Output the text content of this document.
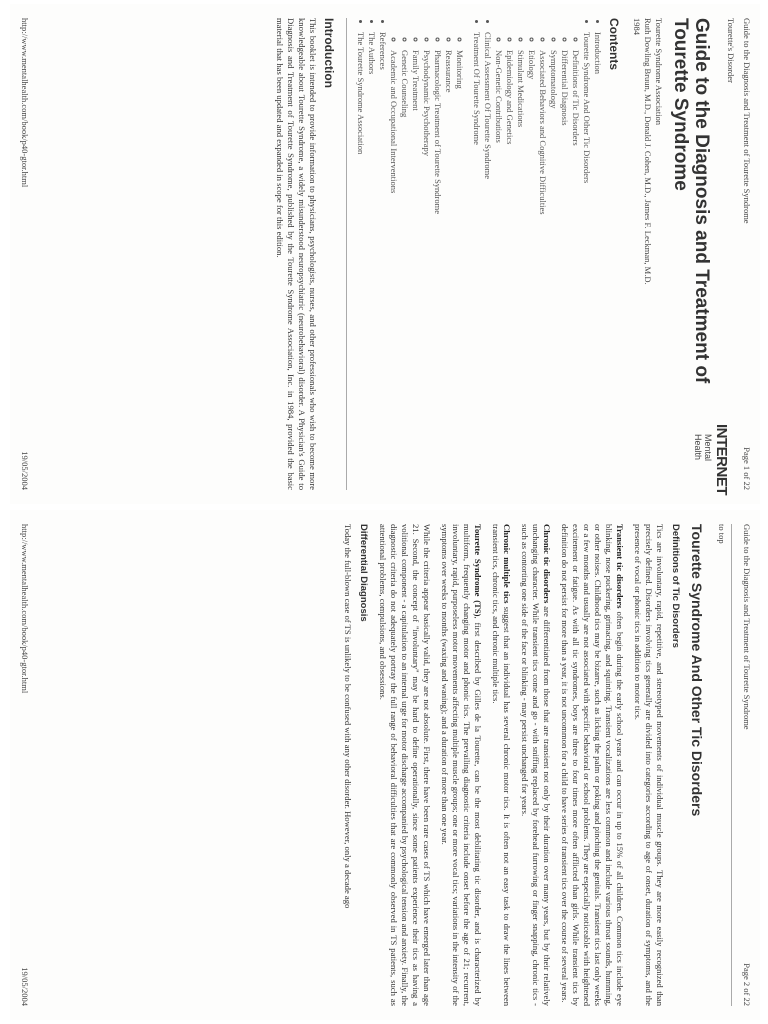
Guide to the Diagnosis and Treatment of Tourette Syndrome
Page 1 of 22
Tourette's Disorder
INTERNET
Mental Health
Guide to the Diagnosis and Treatment of Tourette Syndrome
Tourette Syndrome Association
Ruth Dowling Bruun, M.D., Donald J. Cohen, M.D., James F. Leckman, M.D.
1984
Contents
• Introduction
• Tourette Syndrome And Other Tic Disorders
◦ Definitions of Tic Disorders
◦ Differential Diagnosis
◦ Symptomatology
◦ Associated Behaviors and Cognitive Difficulties
◦ Etiology
◦ Stimulant Medications
◦ Epidemiology and Genetics
◦ Non-Genetic Contributions
• Clinical Assessment Of Tourette Syndrome
• Treatment Of Tourette Syndrome
◦ Monitoring
◦ Reassurance
◦ Pharmacologic Treatment of Tourette Syndrome
◦ Psychodynamic Psychotherapy
◦ Family Treatment
◦ Genetic Counseling
◦ Academic and Occupational Interventions
• References
• The Authors
• The Tourette Syndrome Association
Introduction

This booklet is intended to provide information to physicians, psychologists, nurses, and other professionals who wish to become more knowledgeable about Tourette Syndrome, a widely misunderstood neuropsychiatric (neurobehavioral) disorder. A Physician's Guide to Diagnosis and Treatment of Tourette Syndrome, published by the Tourette Syndrome Association, Inc. in 1984, provided the basic material that has been updated and expanded in scope for this edition.

http://www.mentalhealth.com/book/p40-gtor.html
19/05/2004
Guide to the Diagnosis and Treatment of Tourette Syndrome
Page 2 of 22
to top
Tourette Syndrome And Other Tic Disorders
Definitions of Tic Disorders

Tics are involuntary, rapid, repetitive, and stereotyped movements of individual muscle groups. They are more easily recognized than precisely defined. Disorders involving tics generally are divided into categories according to age of onset, duration of symptoms, and the presence of vocal or phonic tics in addition to motor tics.

Transient tic disorders often begin during the early school years and can occur in up to 15% of all children. Common tics include eye blinking, nose puckering, grimacing, and squinting. Transient vocalizations are less common and include various throat sounds, humming, or other noises. Childhood tics may be bizarre, such as licking the palm or poking and pinching the genitals. Transient tics last only weeks or a few months and usually are not associated with specific behavioral or school problems. They are especially noticeable with heightened excitement or fatigue. As with all tic syndromes, boys are three to four times more often afflicted than girls. While transient tics by definition do not persist for more than a year, it is not uncommon for a child to have series of transient tics over the course of several years.

Chronic tic disorders are differentiated from those that are transient not only by their duration over many years, but by their relatively unchanging character. While transient tics come and go - with sniffing replaced by forehead furrowing or finger snapping, chronic tics - such as contorting one side of the face or blinking - may persist unchanged for years.

Chronic multiple tics suggest that an individual has several chronic motor tics. It is often not an easy task to draw the lines between transient tics, chronic tics, and chronic multiple tics.

Tourette Syndrome (TS), first described by Gilles de la Tourette, can be the most debilitating tic disorder, and is characterized by multiform, frequently changing motor and phonic tics. The prevailing diagnostic criteria include onset before the age of 21; recurrent, involuntary, rapid, purposeless motor movements affecting multiple muscle groups; one or more vocal tics; variations in the intensity of the symptoms over weeks to months (waxing and waning); and a duration of more than one year.

While the criteria appear basically valid, they are not absolute. First, there have been rare cases of TS which have emerged later than age 21. Second, the concept of "involuntary" may be hard to define operationally, since some patients experience their tics as having a volitional component - a capitulation to an internal urge for motor discharge accompanied by psychological tension and anxiety. Finally, the diagnostic criteria do not adequately portray the full range of behavioral difficulties that are commonly observed in TS patients, such as attentional problems, compulsions, and obsessions.

Differential Diagnosis

Today the full-blown case of TS is unlikely to be confused with any other disorder. However, only a decade ago

http://www.mentalhealth.com/book/p40-gtor.html
19/05/2004
